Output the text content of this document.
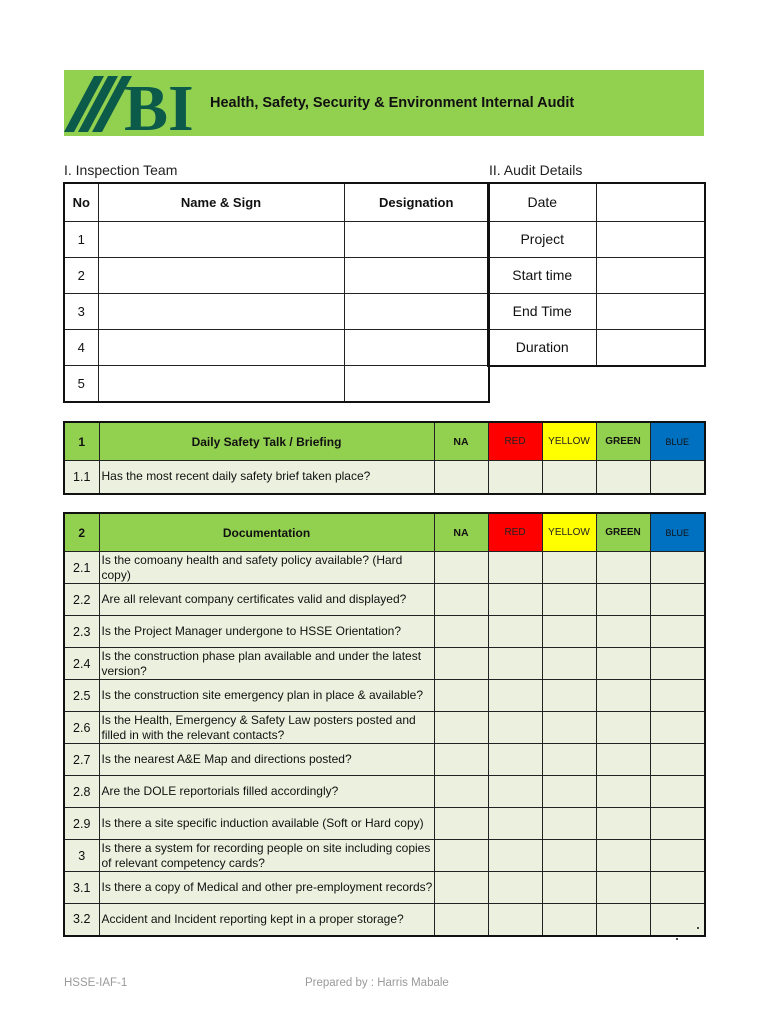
BI Health, Safety, Security & Environment Internal Audit
I. Inspection Team	II. Audit Details
No	Name & Sign	Designation
1		
2		
3		
4		
5		
Date	
Project	
Start time	
End Time	
Duration	
1	Daily Safety Talk / Briefing	NA	RED	YELLOW	GREEN	BLUE
1.1	Has the most recent daily safety brief taken place?					
2	Documentation	NA	RED	YELLOW	GREEN	BLUE
2.1	Is the comoany health and safety policy available? (Hard copy)					
2.2	Are all relevant company certificates valid and displayed?					
2.3	Is the Project Manager undergone to HSSE Orientation?					
2.4	Is the construction phase plan available and under the latest version?					
2.5	Is the construction site emergency plan in place & available?					
2.6	Is the Health, Emergency & Safety Law posters posted and filled in with the relevant contacts?					
2.7	Is the nearest A&E Map and directions posted?					
2.8	Are the DOLE reportorials filled accordingly?					
2.9	Is there a site specific induction available (Soft or Hard copy)					
3	Is there a system for recording people on site including copies of relevant competency cards?					
3.1	Is there a copy of Medical and other pre-employment records?					
3.2	Accident and Incident reporting kept in a proper storage?					
HSSE-IAF-1	Prepared by : Harris Mabale
